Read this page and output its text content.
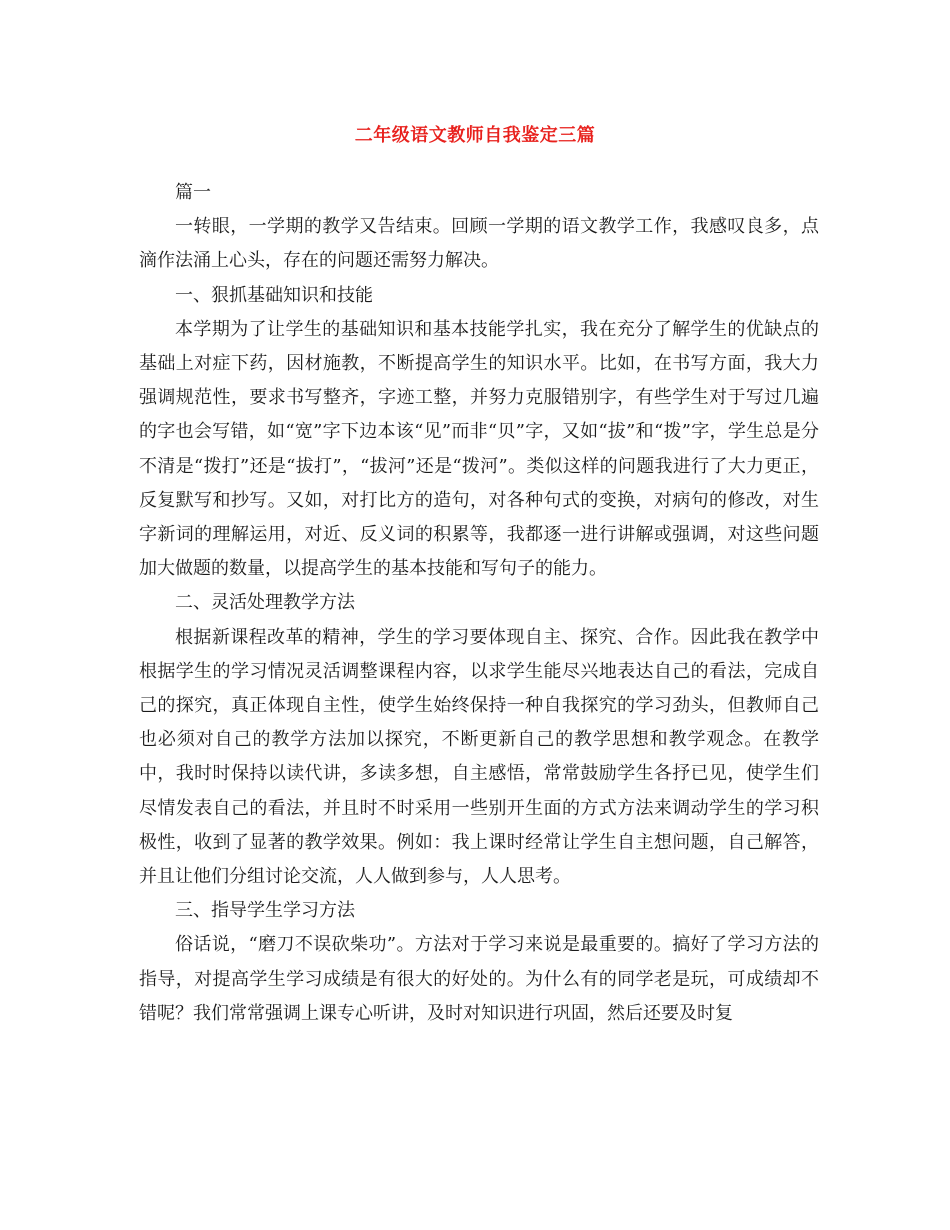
二年级语文教师自我鉴定三篇

篇一

一转眼，一学期的教学又告结束。回顾一学期的语文教学工作，我感叹良多，点滴作法涌上心头，存在的问题还需努力解决。

一、狠抓基础知识和技能

本学期为了让学生的基础知识和基本技能学扎实，我在充分了解学生的优缺点的基础上对症下药，因材施教，不断提高学生的知识水平。比如，在书写方面，我大力强调规范性，要求书写整齐，字迹工整，并努力克服错别字，有些学生对于写过几遍的字也会写错，如“宽”字下边本该“见”而非“贝”字，又如“拔”和“拨”字，学生总是分不清是“拨打”还是“拔打”，“拔河”还是“拨河”。类似这样的问题我进行了大力更正，反复默写和抄写。又如，对打比方的造句，对各种句式的变换，对病句的修改，对生字新词的理解运用，对近、反义词的积累等，我都逐一进行讲解或强调，对这些问题加大做题的数量，以提高学生的基本技能和写句子的能力。

二、灵活处理教学方法

根据新课程改革的精神，学生的学习要体现自主、探究、合作。因此我在教学中根据学生的学习情况灵活调整课程内容，以求学生能尽兴地表达自己的看法，完成自己的探究，真正体现自主性，使学生始终保持一种自我探究的学习劲头，但教师自己也必须对自己的教学方法加以探究，不断更新自己的教学思想和教学观念。在教学中，我时时保持以读代讲，多读多想，自主感悟，常常鼓励学生各抒已见，使学生们尽情发表自己的看法，并且时不时采用一些别开生面的方式方法来调动学生的学习积极性，收到了显著的教学效果。例如：我上课时经常让学生自主想问题，自己解答，并且让他们分组讨论交流，人人做到参与，人人思考。

三、指导学生学习方法

俗话说，“磨刀不误砍柴功”。方法对于学习来说是最重要的。搞好了学习方法的指导，对提高学生学习成绩是有很大的好处的。为什么有的同学老是玩，可成绩却不错呢？我们常常强调上课专心听讲，及时对知识进行巩固，然后还要及时复
